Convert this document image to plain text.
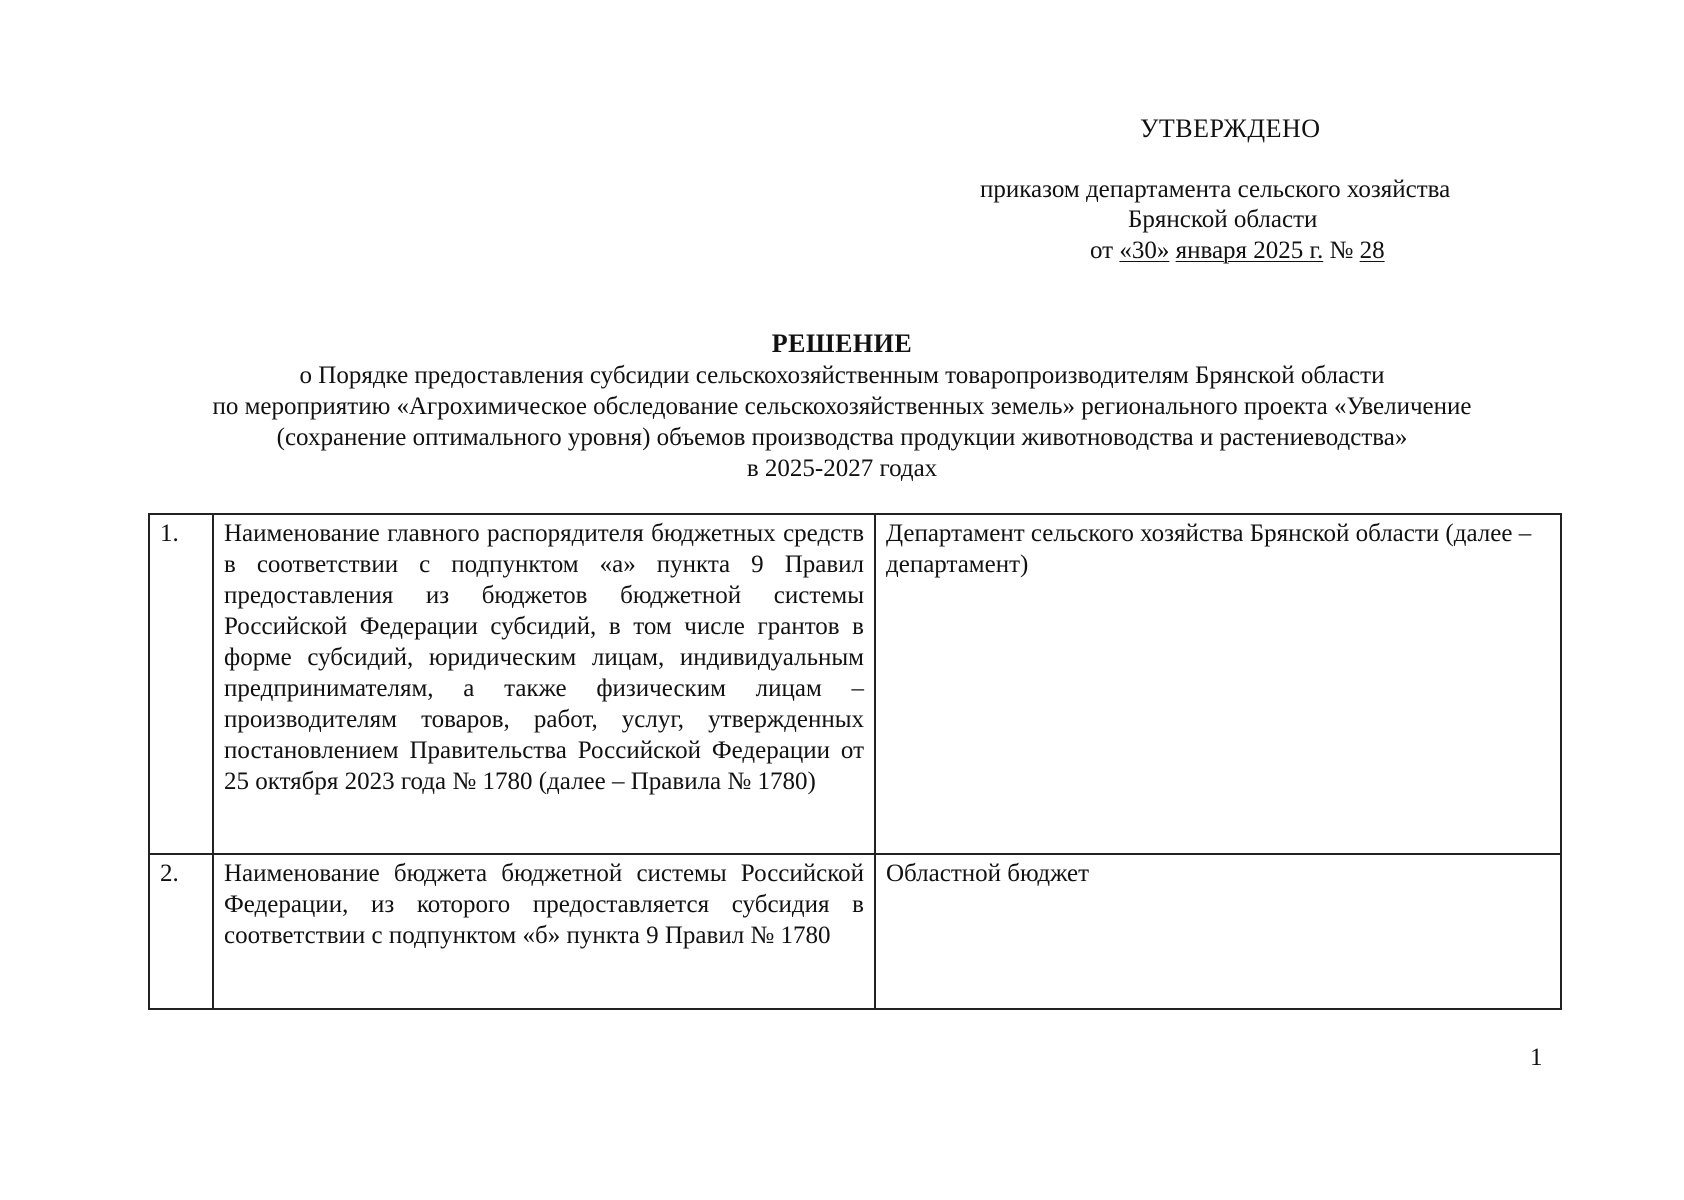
УТВЕРЖДЕНО
приказом департамента сельского хозяйства
Брянской области
от «30» января 2025 г. № 28
РЕШЕНИЕ
о Порядке предоставления субсидии сельскохозяйственным товаропроизводителям Брянской области
по мероприятию «Агрохимическое обследование сельскохозяйственных земель» регионального проекта «Увеличение
(сохранение оптимального уровня) объемов производства продукции животноводства и растениеводства»
в 2025-2027 годах
1.	Наименование главного распорядителя бюджетных средств в соответствии с подпунктом «а» пункта 9 Правил предоставления из бюджетов бюджетной системы Российской Федерации субсидий, в том числе грантов в форме субсидий, юридическим лицам, индивидуальным предпринимателям, а также физическим лицам – производителям товаров, работ, услуг, утвержденных постановлением Правительства Российской Федерации от 25 октября 2023 года № 1780 (далее – Правила № 1780)	Департамент сельского хозяйства Брянской области (далее – департамент)

2.	Наименование бюджета бюджетной системы Российской Федерации, из которого предоставляется субсидия в соответствии с подпунктом «б» пункта 9 Правил № 1780	Областной бюджет
1
